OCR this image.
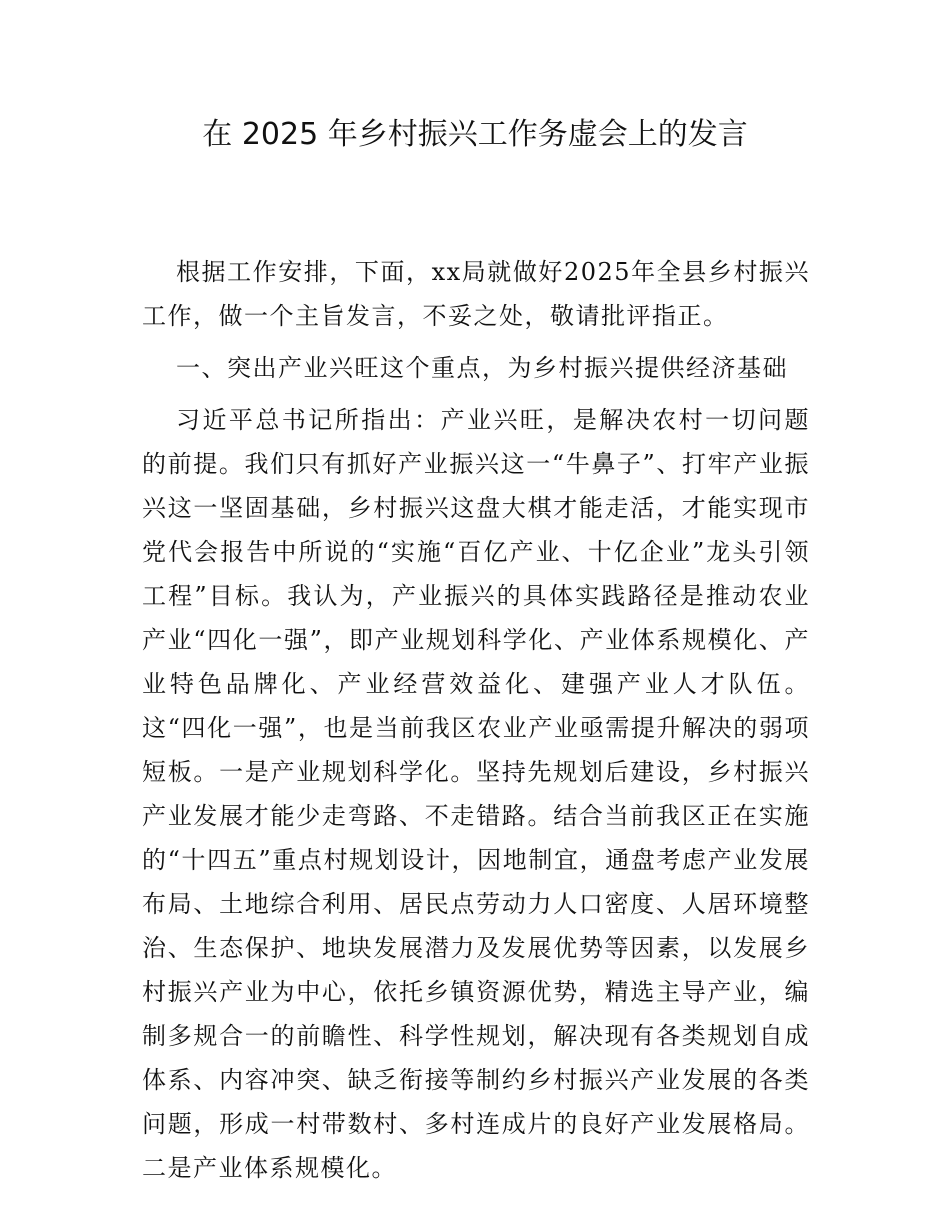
在 2025 年乡村振兴工作务虚会上的发言

根据工作安排，下面，xx局就做好2025年全县乡村振兴工作，做一个主旨发言，不妥之处，敬请批评指正。

一、突出产业兴旺这个重点，为乡村振兴提供经济基础

习近平总书记所指出：产业兴旺，是解决农村一切问题的前提。我们只有抓好产业振兴这一“牛鼻子”、打牢产业振兴这一坚固基础，乡村振兴这盘大棋才能走活，才能实现市党代会报告中所说的“实施“百亿产业、十亿企业”龙头引领工程”目标。我认为，产业振兴的具体实践路径是推动农业产业“四化一强”，即产业规划科学化、产业体系规模化、产业特色品牌化、产业经营效益化、建强产业人才队伍。这“四化一强”，也是当前我区农业产业亟需提升解决的弱项短板。一是产业规划科学化。坚持先规划后建设，乡村振兴产业发展才能少走弯路、不走错路。结合当前我区正在实施的“十四五”重点村规划设计，因地制宜，通盘考虑产业发展布局、土地综合利用、居民点劳动力人口密度、人居环境整治、生态保护、地块发展潜力及发展优势等因素，以发展乡村振兴产业为中心，依托乡镇资源优势，精选主导产业，编制多规合一的前瞻性、科学性规划，解决现有各类规划自成体系、内容冲突、缺乏衔接等制约乡村振兴产业发展的各类问题，形成一村带数村、多村连成片的良好产业发展格局。二是产业体系规模化。
